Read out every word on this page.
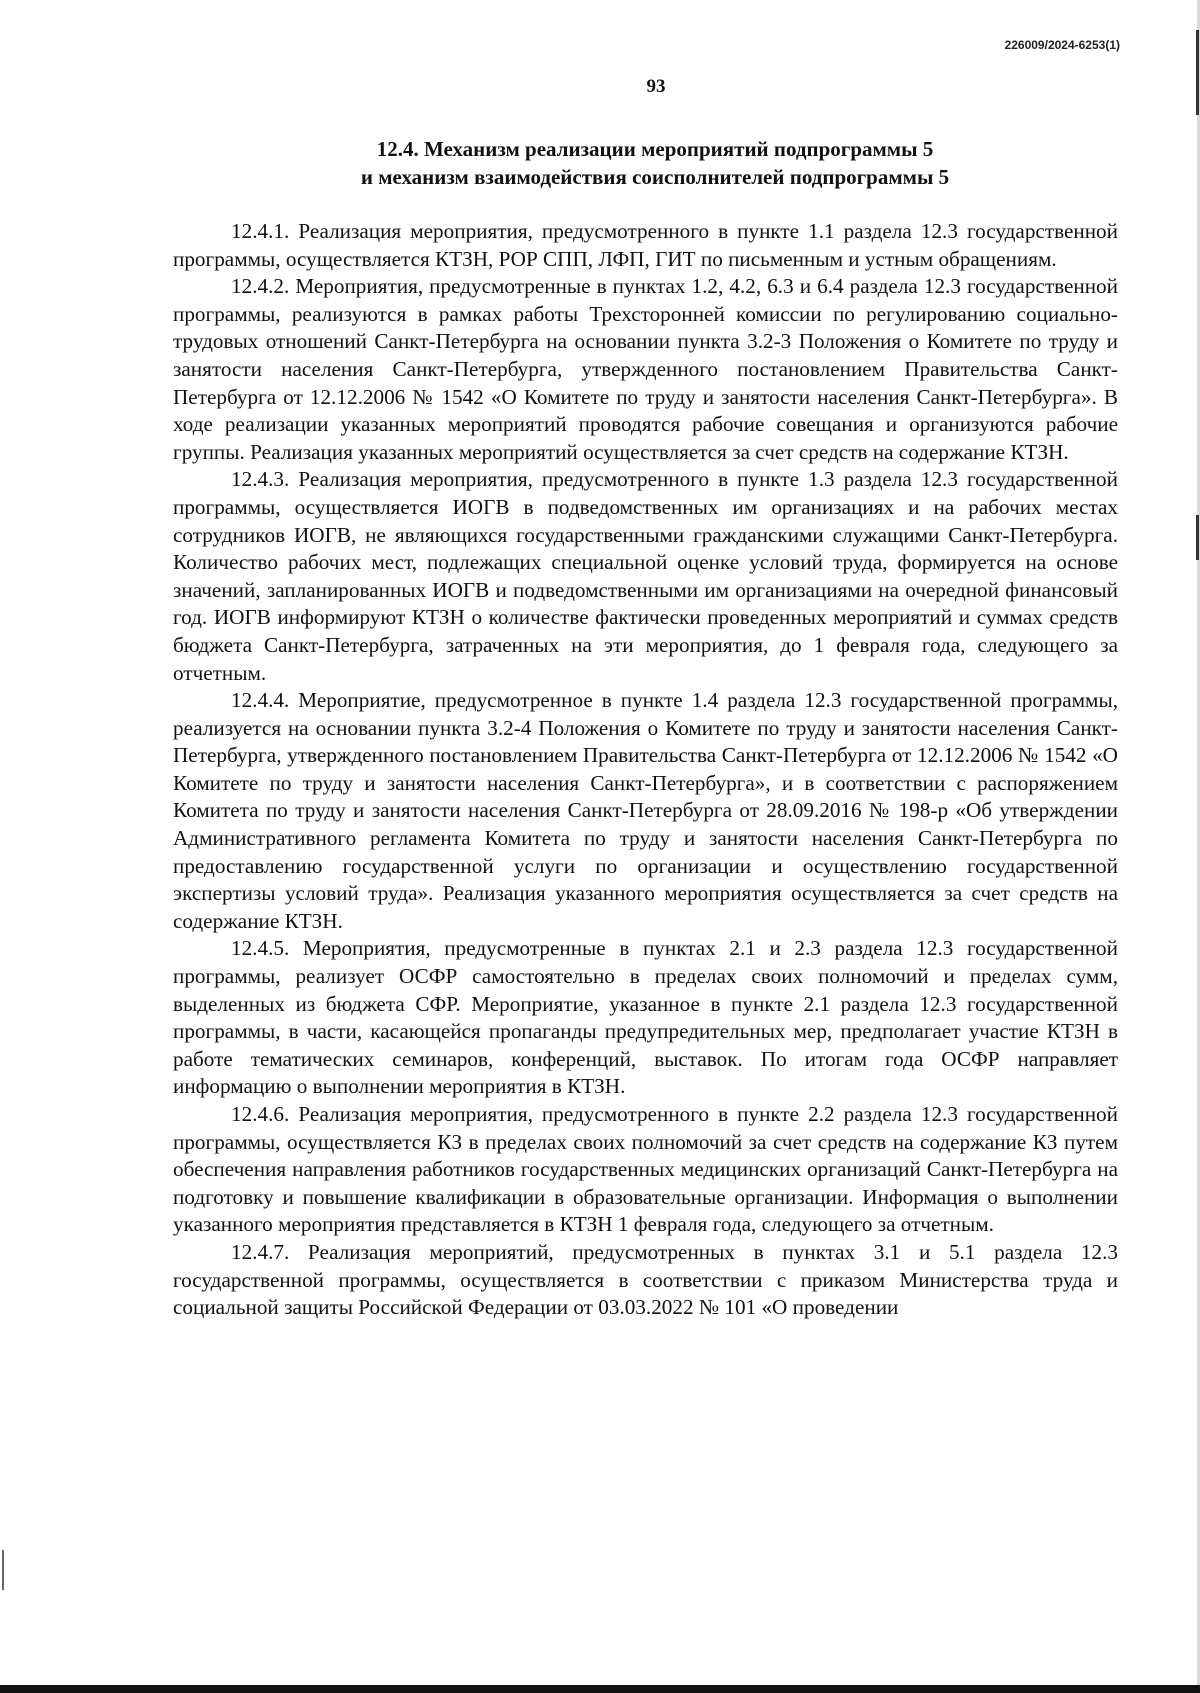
226009/2024-6253(1)
93
12.4. Механизм реализации мероприятий подпрограммы 5
и механизм взаимодействия соисполнителей подпрограммы 5

12.4.1. Реализация мероприятия, предусмотренного в пункте 1.1 раздела 12.3 государственной программы, осуществляется КТЗН, РОР СПП, ЛФП, ГИТ по письменным и устным обращениям.

12.4.2. Мероприятия, предусмотренные в пунктах 1.2, 4.2, 6.3 и 6.4 раздела 12.3 государственной программы, реализуются в рамках работы Трехсторонней комиссии по регулированию социально-трудовых отношений Санкт-Петербурга на основании пункта 3.2-3 Положения о Комитете по труду и занятости населения Санкт-Петербурга, утвержденного постановлением Правительства Санкт-Петербурга от 12.12.2006 № 1542 «О Комитете по труду и занятости населения Санкт-Петербурга». В ходе реализации указанных мероприятий проводятся рабочие совещания и организуются рабочие группы. Реализация указанных мероприятий осуществляется за счет средств на содержание КТЗН.

12.4.3. Реализация мероприятия, предусмотренного в пункте 1.3 раздела 12.3 государственной программы, осуществляется ИОГВ в подведомственных им организациях и на рабочих местах сотрудников ИОГВ, не являющихся государственными гражданскими служащими Санкт-Петербурга. Количество рабочих мест, подлежащих специальной оценке условий труда, формируется на основе значений, запланированных ИОГВ и подведомственными им организациями на очередной финансовый год. ИОГВ информируют КТЗН о количестве фактически проведенных мероприятий и суммах средств бюджета Санкт-Петербурга, затраченных на эти мероприятия, до 1 февраля года, следующего за отчетным.

12.4.4. Мероприятие, предусмотренное в пункте 1.4 раздела 12.3 государственной программы, реализуется на основании пункта 3.2-4 Положения о Комитете по труду и занятости населения Санкт-Петербурга, утвержденного постановлением Правительства Санкт-Петербурга от 12.12.2006 № 1542 «О Комитете по труду и занятости населения Санкт-Петербурга», и в соответствии с распоряжением Комитета по труду и занятости населения Санкт-Петербурга от 28.09.2016 № 198-р «Об утверждении Административного регламента Комитета по труду и занятости населения Санкт-Петербурга по предоставлению государственной услуги по организации и осуществлению государственной экспертизы условий труда». Реализация указанного мероприятия осуществляется за счет средств на содержание КТЗН.

12.4.5. Мероприятия, предусмотренные в пунктах 2.1 и 2.3 раздела 12.3 государственной программы, реализует ОСФР самостоятельно в пределах своих полномочий и пределах сумм, выделенных из бюджета СФР. Мероприятие, указанное в пункте 2.1 раздела 12.3 государственной программы, в части, касающейся пропаганды предупредительных мер, предполагает участие КТЗН в работе тематических семинаров, конференций, выставок. По итогам года ОСФР направляет информацию о выполнении мероприятия в КТЗН.

12.4.6. Реализация мероприятия, предусмотренного в пункте 2.2 раздела 12.3 государственной программы, осуществляется КЗ в пределах своих полномочий за счет средств на содержание КЗ путем обеспечения направления работников государственных медицинских организаций Санкт-Петербурга на подготовку и повышение квалификации в образовательные организации. Информация о выполнении указанного мероприятия представляется в КТЗН 1 февраля года, следующего за отчетным.

12.4.7. Реализация мероприятий, предусмотренных в пунктах 3.1 и 5.1 раздела 12.3 государственной программы, осуществляется в соответствии с приказом Министерства труда и социальной защиты Российской Федерации от 03.03.2022 № 101 «О проведении
